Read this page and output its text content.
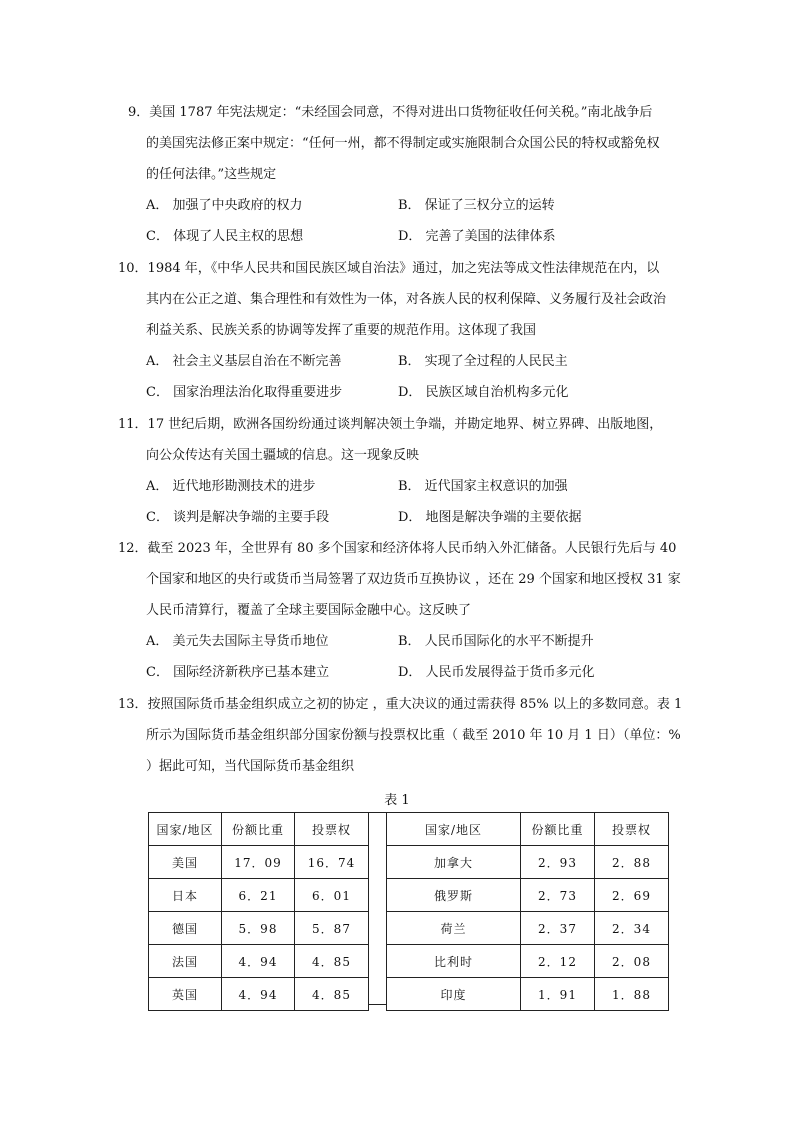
9．美国 1787 年宪法规定：“未经国会同意，不得对进出口货物征收任何关税。”南北战争后
的美国宪法修正案中规定：“任何一州，都不得制定或实施限制合众国公民的特权或豁免权
的任何法律。”这些规定
A． 加强了中央政府的权力	B． 保证了三权分立的运转
C． 体现了人民主权的思想	D． 完善了美国的法律体系
10．1984 年，《中华人民共和国民族区域自治法》通过，加之宪法等成文性法律规范在内，以
其内在公正之道、集合理性和有效性为一体，对各族人民的权利保障、义务履行及社会政治
利益关系、民族关系的协调等发挥了重要的规范作用。这体现了我国
A． 社会主义基层自治在不断完善	B． 实现了全过程的人民民主
C． 国家治理法治化取得重要进步	D． 民族区域自治机构多元化
11．17 世纪后期，欧洲各国纷纷通过谈判解决领土争端，并勘定地界、树立界碑、出版地图，
向公众传达有关国土疆域的信息。这一现象反映
A． 近代地形勘测技术的进步	B． 近代国家主权意识的加强
C． 谈判是解决争端的主要手段	D． 地图是解决争端的主要依据
12．截至 2023 年，全世界有 80 多个国家和经济体将人民币纳入外汇储备。人民银行先后与 40
个国家和地区的央行或货币当局签署了双边货币互换协议 ，还在 29 个国家和地区授权 31 家
人民币清算行，覆盖了全球主要国际金融中心。这反映了
A． 美元失去国际主导货币地位	B． 人民币国际化的水平不断提升
C． 国际经济新秩序已基本建立	D． 人民币发展得益于货币多元化
13．按照国际货币基金组织成立之初的协定 ，重大决议的通过需获得 85% 以上的多数同意。表 1
所示为国际货币基金组织部分国家份额与投票权比重（ 截至 2010 年 10 月 1 日）（单位：%
）据此可知，当代国际货币基金组织
表 1
国家/地区	份额比重	投票权
美国	17．09	16．74
日本	6．21	6．01
德国	5．98	5．87
法国	4．94	4．85
英国	4．94	4．85
国家/地区	份额比重	投票权
加拿大	2．93	2．88
俄罗斯	2．73	2．69
荷兰	2．37	2．34
比利时	2．12	2．08
印度	1．91	1．88
